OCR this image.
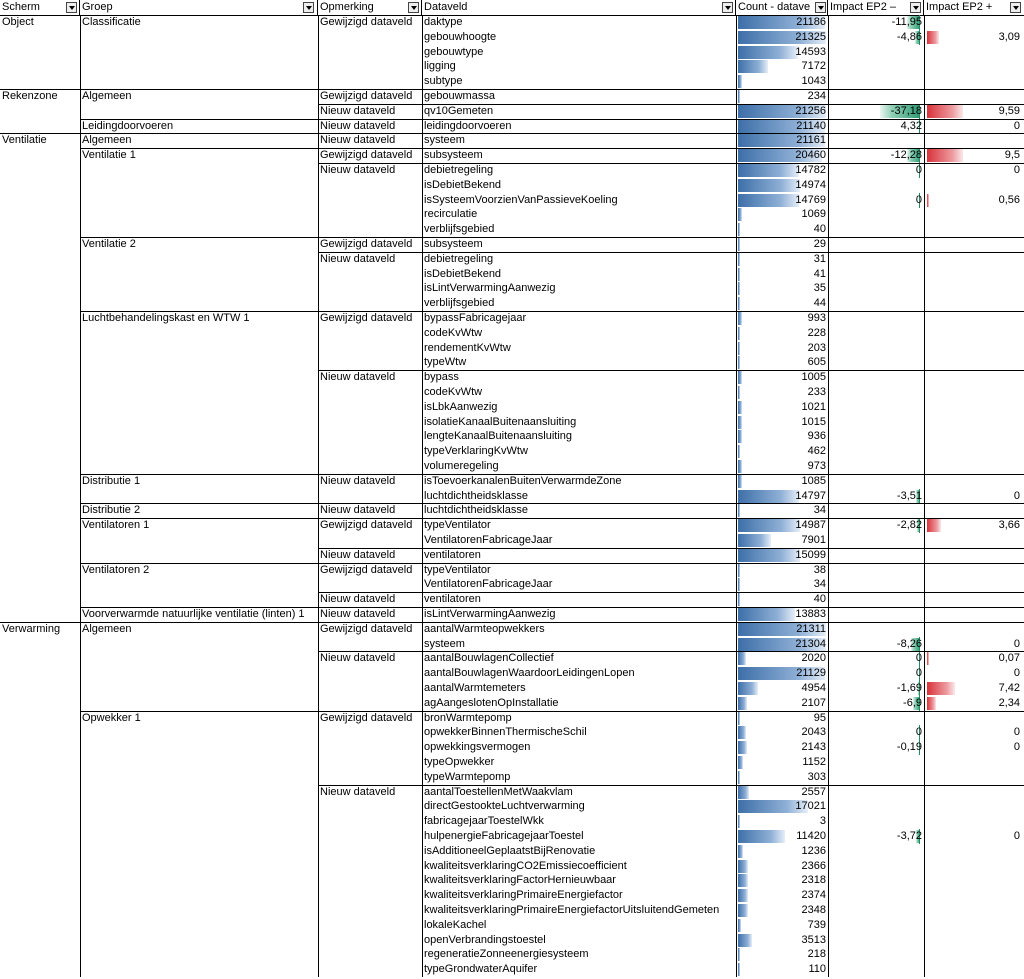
Scherm	Groep	Opmerking	Dataveld	Count - datave	Impact EP2 –	Impact EP2 +
Object	Classificatie	Gewijzigd dataveld	daktype	21186	-11,95
gebouwhoogte	21325	-4,86	3,09
gebouwtype	14593
ligging	7172
subtype	1043
Rekenzone	Algemeen	Gewijzigd dataveld	gebouwmassa	234
Nieuw dataveld	qv10Gemeten	21256	-37,18	9,59
Leidingdoorvoeren	Nieuw dataveld	leidingdoorvoeren	21140	4,32	0
Ventilatie	Algemeen	Nieuw dataveld	systeem	21161
Ventilatie 1	Gewijzigd dataveld	subsysteem	20460	-12,28	9,5
Nieuw dataveld	debietregeling	14782	0	0
isDebietBekend	14974
isSysteemVoorzienVanPassieveKoeling	14769	0	0,56
recirculatie	1069
verblijfsgebied	40
Ventilatie 2	Gewijzigd dataveld	subsysteem	29
Nieuw dataveld	debietregeling	31
isDebietBekend	41
isLintVerwarmingAanwezig	35
verblijfsgebied	44
Luchtbehandelingskast en WTW 1	Gewijzigd dataveld	bypassFabricagejaar	993
codeKvWtw	228
rendementKvWtw	203
typeWtw	605
Nieuw dataveld	bypass	1005
codeKvWtw	233
isLbkAanwezig	1021
isolatieKanaalBuitenaansluiting	1015
lengteKanaalBuitenaansluiting	936
typeVerklaringKvWtw	462
volumeregeling	973
Distributie 1	Nieuw dataveld	isToevoerkanalenBuitenVerwarmdeZone	1085
luchtdichtheidsklasse	14797	-3,51	0
Distributie 2	Nieuw dataveld	luchtdichtheidsklasse	34
Ventilatoren 1	Gewijzigd dataveld	typeVentilator	14987	-2,82	3,66
VentilatorenFabricageJaar	7901
Nieuw dataveld	ventilatoren	15099
Ventilatoren 2	Gewijzigd dataveld	typeVentilator	38
VentilatorenFabricageJaar	34
Nieuw dataveld	ventilatoren	40
Voorverwarmde natuurlijke ventilatie (linten) 1	Nieuw dataveld	isLintVerwarmingAanwezig	13883
Verwarming	Algemeen	Gewijzigd dataveld	aantalWarmteopwekkers	21311
systeem	21304	-8,26	0
Nieuw dataveld	aantalBouwlagenCollectief	2020	0	0,07
aantalBouwlagenWaardoorLeidingenLopen	21129	0	0
aantalWarmtemeters	4954	-1,69	7,42
agAangeslotenOpInstallatie	2107	-6,9	2,34
Opwekker 1	Gewijzigd dataveld	bronWarmtepomp	95
opwekkerBinnenThermischeSchil	2043	0	0
opwekkingsvermogen	2143	-0,19	0
typeOpwekker	1152
typeWarmtepomp	303
Nieuw dataveld	aantalToestellenMetWaakvlam	2557
directGestookteLuchtverwarming	17021
fabricagejaarToestelWkk	3
hulpenergieFabricagejaarToestel	11420	-3,72	0
isAdditioneelGeplaatstBijRenovatie	1236
kwaliteitsverklaringCO2Emissiecoefficient	2366
kwaliteitsverklaringFactorHernieuwbaar	2318
kwaliteitsverklaringPrimaireEnergiefactor	2374
kwaliteitsverklaringPrimaireEnergiefactorUitsluitendGemeten	2348
lokaleKachel	739
openVerbrandingstoestel	3513
regeneratieZonneenergiesysteem	218
typeGrondwaterAquifer	110
